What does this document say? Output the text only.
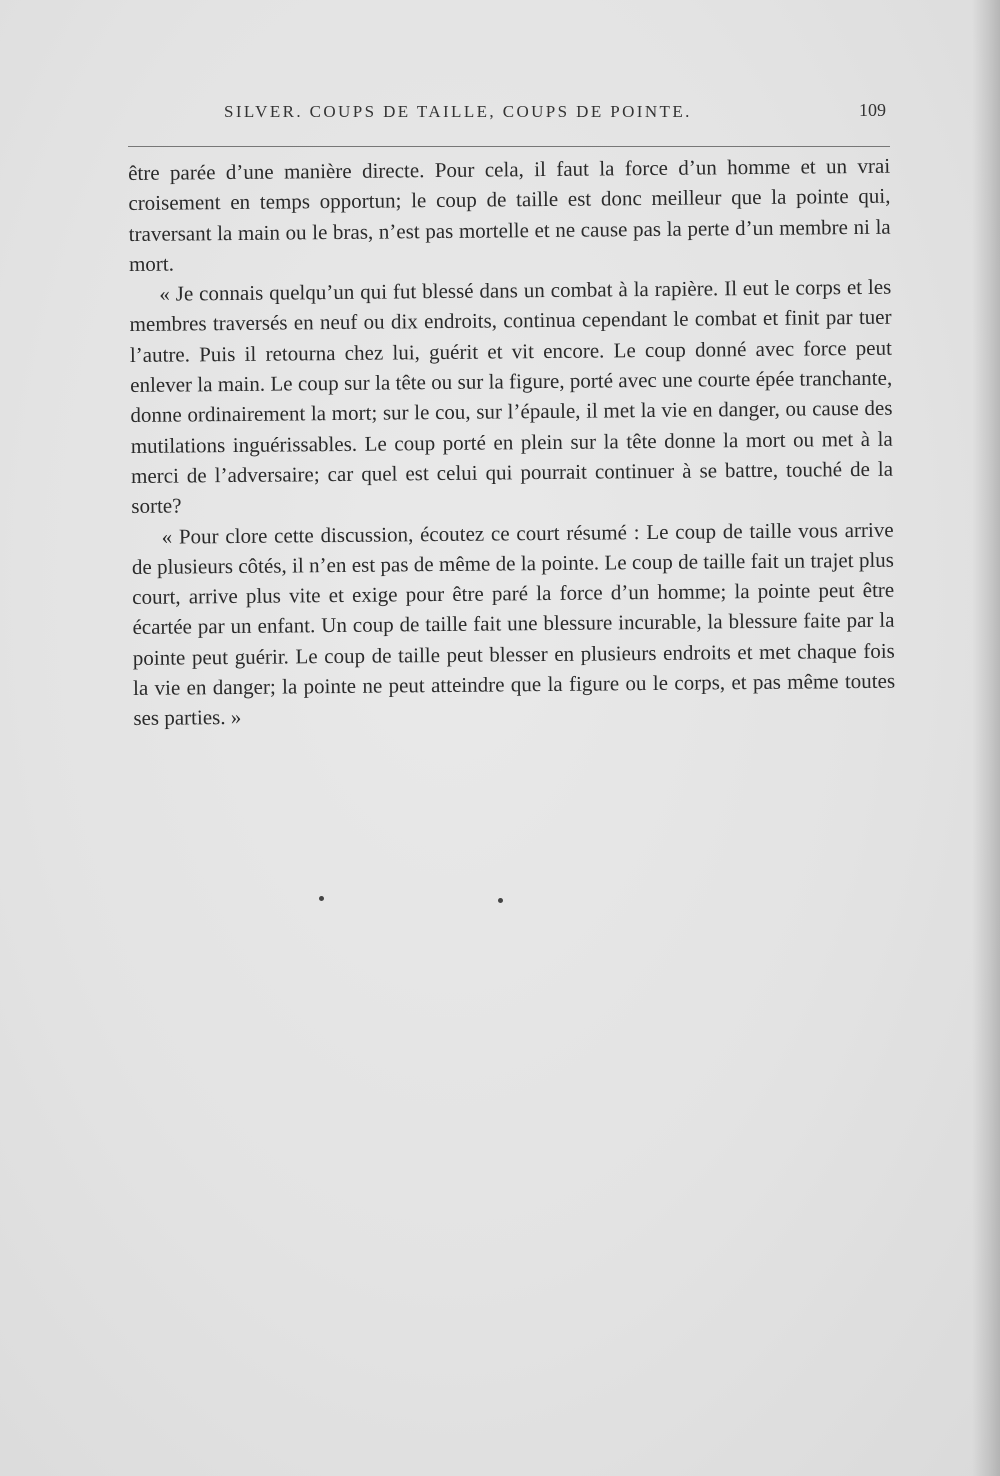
SILVER. COUPS DE TAILLE, COUPS DE POINTE.	109

être parée d’une manière directe. Pour cela, il faut la force d’un homme et un vrai croisement en temps opportun; le coup de taille est donc meilleur que la pointe qui, traversant la main ou le bras, n’est pas mortelle et ne cause pas la perte d’un membre ni la mort.

« Je connais quelqu’un qui fut blessé dans un combat à la rapière. Il eut le corps et les membres traversés en neuf ou dix endroits, continua cependant le combat et finit par tuer l’autre. Puis il retourna chez lui, guérit et vit encore. Le coup donné avec force peut enlever la main. Le coup sur la tête ou sur la figure, porté avec une courte épée tranchante, donne ordinairement la mort; sur le cou, sur l’épaule, il met la vie en danger, ou cause des mutilations inguérissables. Le coup porté en plein sur la tête donne la mort ou met à la merci de l’adversaire; car quel est celui qui pourrait continuer à se battre, touché de la sorte?

« Pour clore cette discussion, écoutez ce court résumé : Le coup de taille vous arrive de plusieurs côtés, il n’en est pas de même de la pointe. Le coup de taille fait un trajet plus court, arrive plus vite et exige pour être paré la force d’un homme; la pointe peut être écartée par un enfant. Un coup de taille fait une blessure incurable, la blessure faite par la pointe peut guérir. Le coup de taille peut blesser en plusieurs endroits et met chaque fois la vie en danger; la pointe ne peut atteindre que la figure ou le corps, et pas même toutes ses parties. »
